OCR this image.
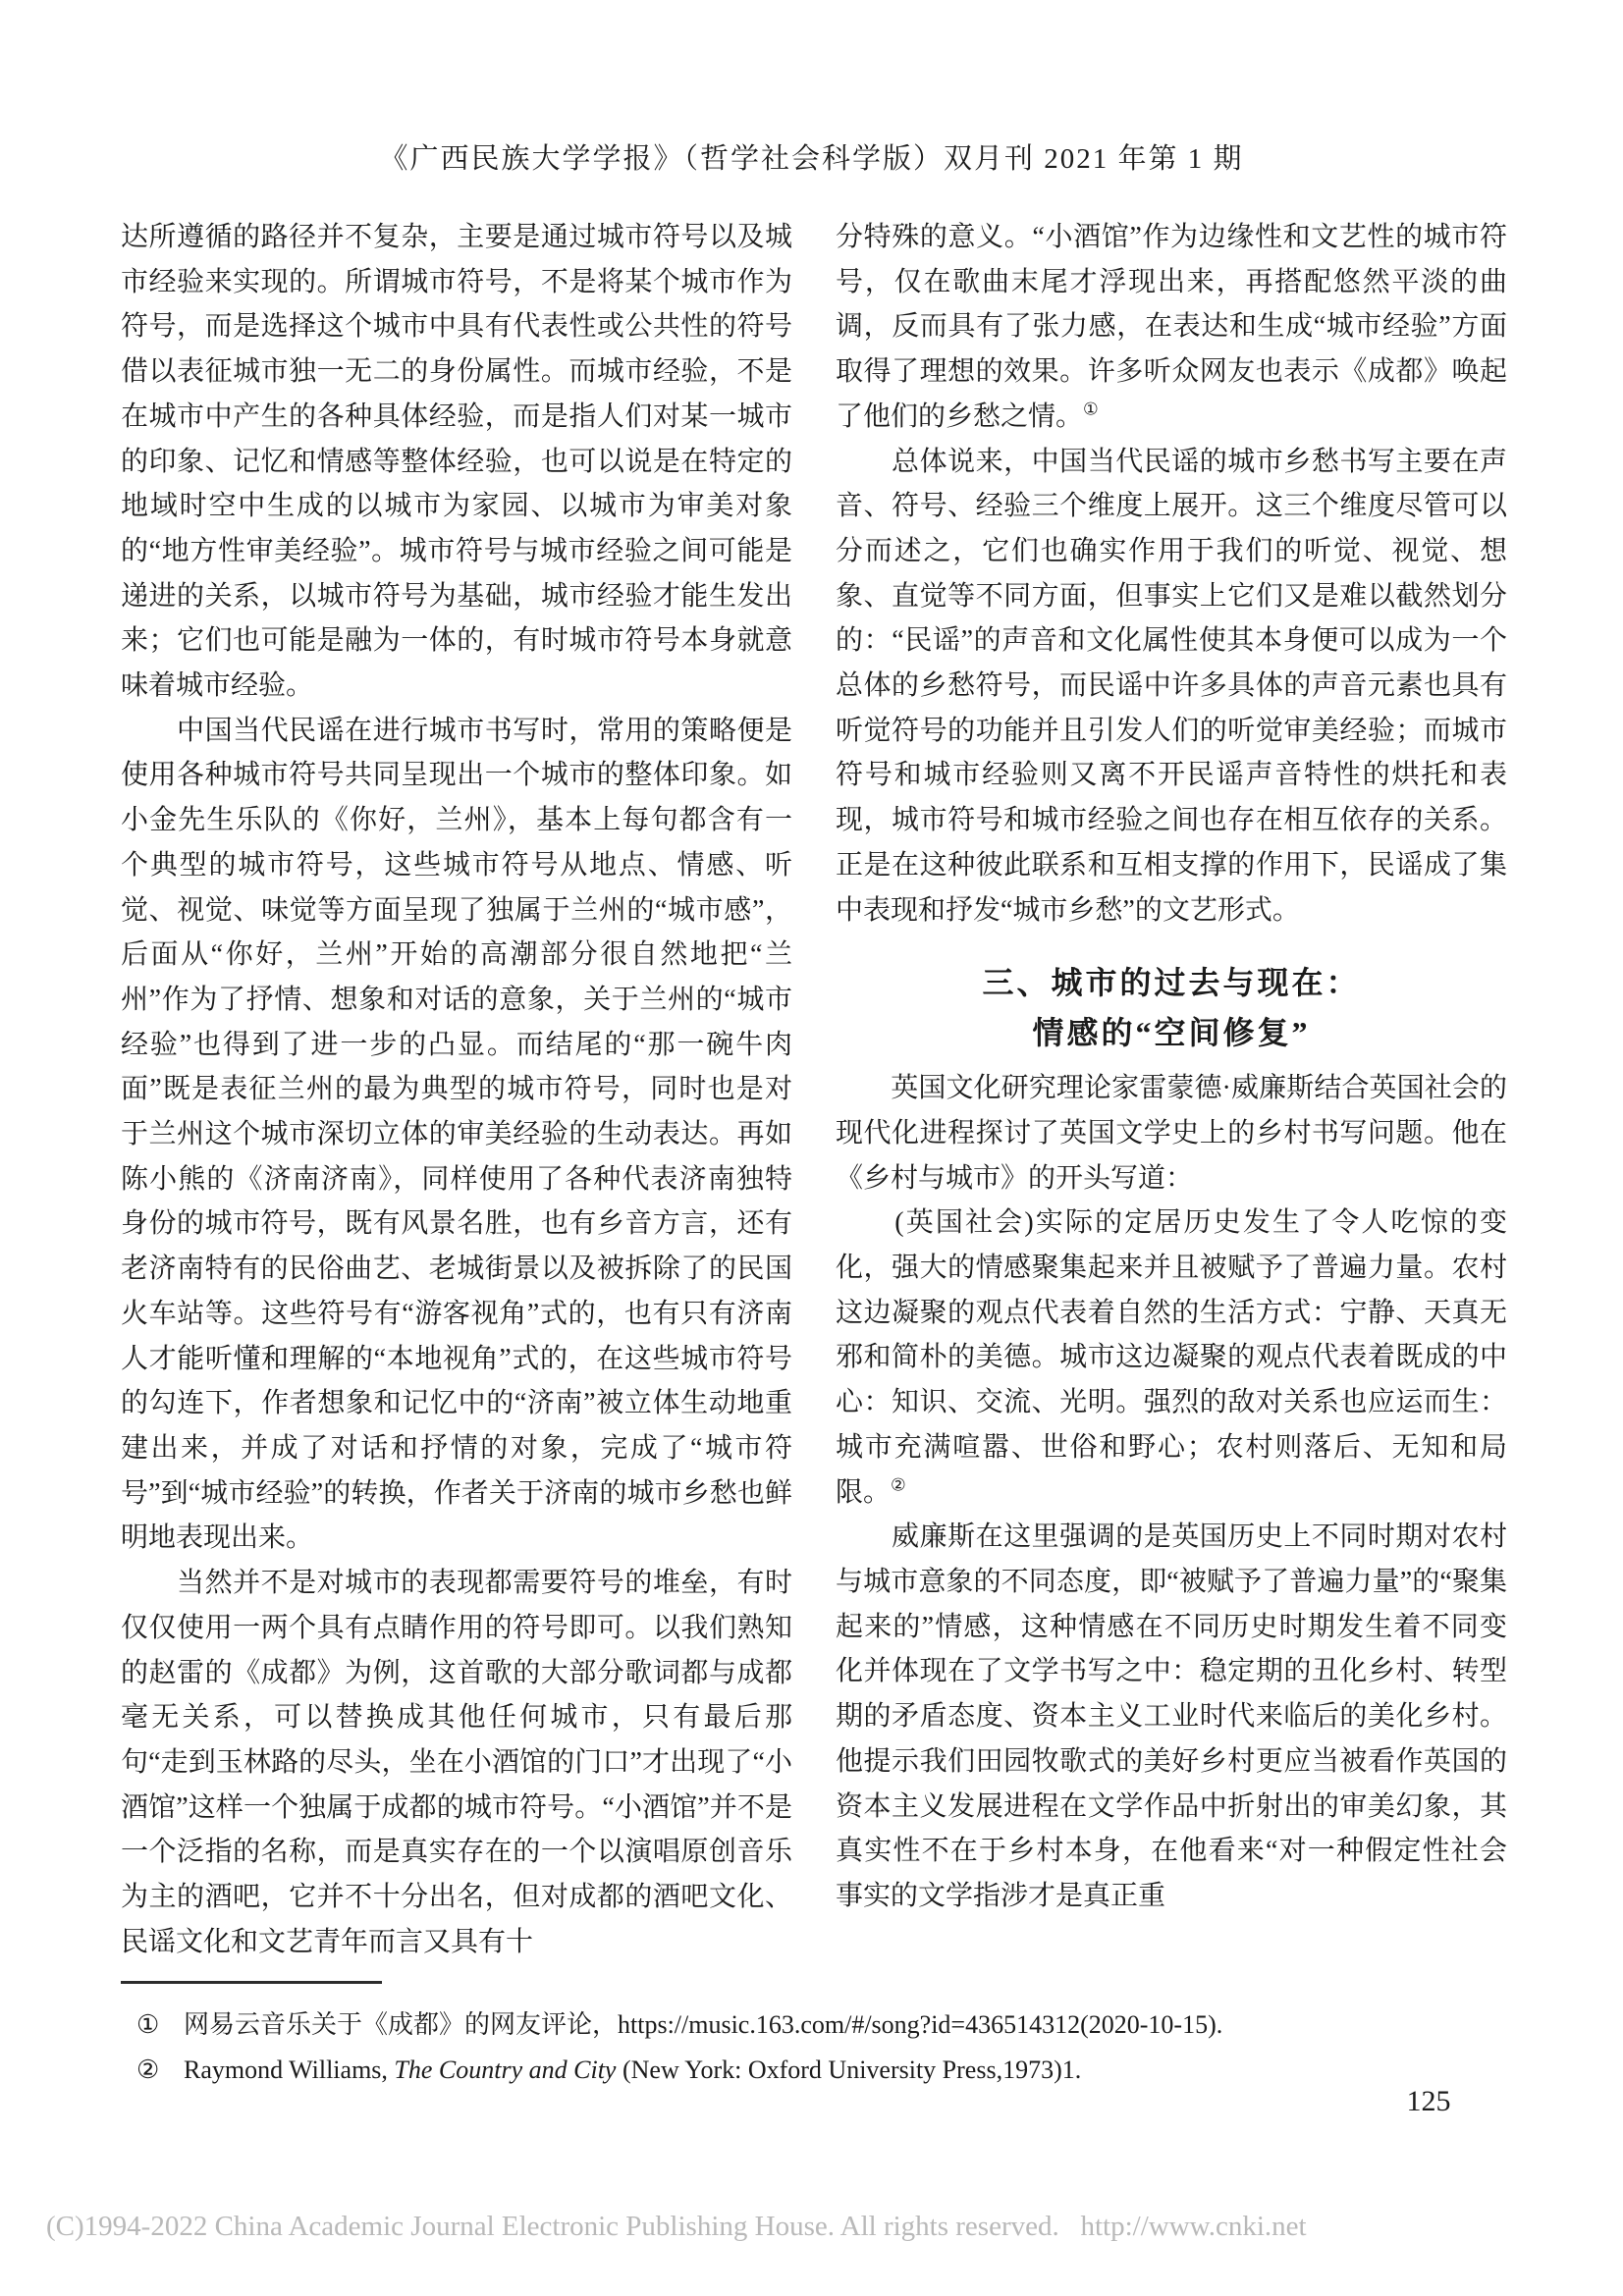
《广西民族大学学报》（哲学社会科学版）双月刊 2021 年第 1 期

达所遵循的路径并不复杂，主要是通过城市符号以及城市经验来实现的。所谓城市符号，不是将某个城市作为符号，而是选择这个城市中具有代表性或公共性的符号借以表征城市独一无二的身份属性。而城市经验，不是在城市中产生的各种具体经验，而是指人们对某一城市的印象、记忆和情感等整体经验，也可以说是在特定的地域时空中生成的以城市为家园、以城市为审美对象的“地方性审美经验”。城市符号与城市经验之间可能是递进的关系，以城市符号为基础，城市经验才能生发出来；它们也可能是融为一体的，有时城市符号本身就意味着城市经验。

　　中国当代民谣在进行城市书写时，常用的策略便是使用各种城市符号共同呈现出一个城市的整体印象。如小金先生乐队的《你好，兰州》，基本上每句都含有一个典型的城市符号，这些城市符号从地点、情感、听觉、视觉、味觉等方面呈现了独属于兰州的“城市感”，后面从“你好，兰州”开始的高潮部分很自然地把“兰州”作为了抒情、想象和对话的意象，关于兰州的“城市经验”也得到了进一步的凸显。而结尾的“那一碗牛肉面”既是表征兰州的最为典型的城市符号，同时也是对于兰州这个城市深切立体的审美经验的生动表达。再如陈小熊的《济南济南》，同样使用了各种代表济南独特身份的城市符号，既有风景名胜，也有乡音方言，还有老济南特有的民俗曲艺、老城街景以及被拆除了的民国火车站等。这些符号有“游客视角”式的，也有只有济南人才能听懂和理解的“本地视角”式的，在这些城市符号的勾连下，作者想象和记忆中的“济南”被立体生动地重建出来，并成了对话和抒情的对象，完成了“城市符号”到“城市经验”的转换，作者关于济南的城市乡愁也鲜明地表现出来。

　　当然并不是对城市的表现都需要符号的堆垒，有时仅仅使用一两个具有点睛作用的符号即可。以我们熟知的赵雷的《成都》为例，这首歌的大部分歌词都与成都毫无关系，可以替换成其他任何城市，只有最后那句“走到玉林路的尽头，坐在小酒馆的门口”才出现了“小酒馆”这样一个独属于成都的城市符号。“小酒馆”并不是一个泛指的名称，而是真实存在的一个以演唱原创音乐为主的酒吧，它并不十分出名，但对成都的酒吧文化、民谣文化和文艺青年而言又具有十

分特殊的意义。“小酒馆”作为边缘性和文艺性的城市符号，仅在歌曲末尾才浮现出来，再搭配悠然平淡的曲调，反而具有了张力感，在表达和生成“城市经验”方面取得了理想的效果。许多听众网友也表示《成都》唤起了他们的乡愁之情。①

　　总体说来，中国当代民谣的城市乡愁书写主要在声音、符号、经验三个维度上展开。这三个维度尽管可以分而述之，它们也确实作用于我们的听觉、视觉、想象、直觉等不同方面，但事实上它们又是难以截然划分的：“民谣”的声音和文化属性使其本身便可以成为一个总体的乡愁符号，而民谣中许多具体的声音元素也具有听觉符号的功能并且引发人们的听觉审美经验；而城市符号和城市经验则又离不开民谣声音特性的烘托和表现，城市符号和城市经验之间也存在相互依存的关系。正是在这种彼此联系和互相支撑的作用下，民谣成了集中表现和抒发“城市乡愁”的文艺形式。

三、城市的过去与现在：
情感的“空间修复”

　　英国文化研究理论家雷蒙德·威廉斯结合英国社会的现代化进程探讨了英国文学史上的乡村书写问题。他在《乡村与城市》的开头写道：

　　(英国社会)实际的定居历史发生了令人吃惊的变化，强大的情感聚集起来并且被赋予了普遍力量。农村这边凝聚的观点代表着自然的生活方式：宁静、天真无邪和简朴的美德。城市这边凝聚的观点代表着既成的中心：知识、交流、光明。强烈的敌对关系也应运而生：城市充满喧嚣、世俗和野心；农村则落后、无知和局限。②

　　威廉斯在这里强调的是英国历史上不同时期对农村与城市意象的不同态度，即“被赋予了普遍力量”的“聚集起来的”情感，这种情感在不同历史时期发生着不同变化并体现在了文学书写之中：稳定期的丑化乡村、转型期的矛盾态度、资本主义工业时代来临后的美化乡村。他提示我们田园牧歌式的美好乡村更应当被看作英国的资本主义发展进程在文学作品中折射出的审美幻象，其真实性不在于乡村本身，在他看来“对一种假定性社会事实的文学指涉才是真正重

① 网易云音乐关于《成都》的网友评论，https://music.163.com/#/song?id=436514312(2020-10-15).
② Raymond Williams, The Country and City (New York: Oxford University Press,1973)1.
125
(C)1994-2022 China Academic Journal Electronic Publishing House. All rights reserved.   http://www.cnki.net
